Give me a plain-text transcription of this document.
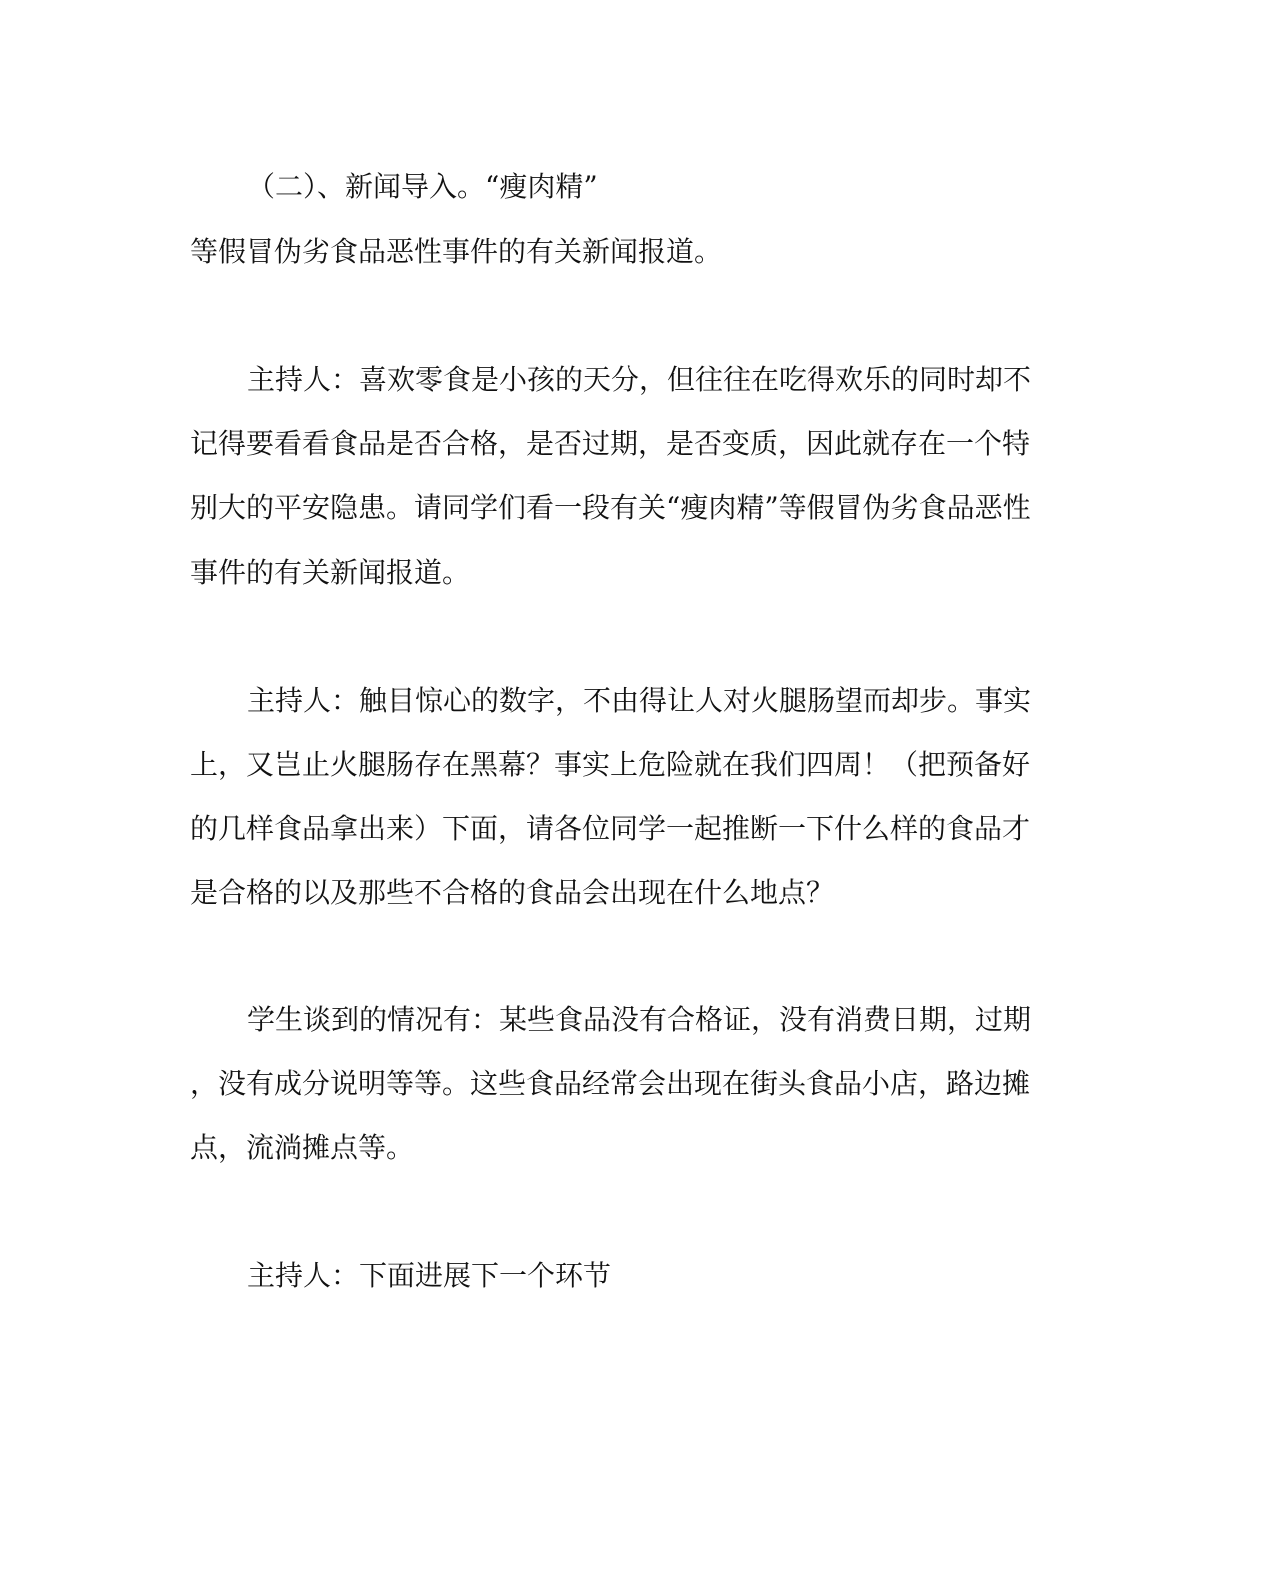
（二）、新闻导入。“瘦肉精”
等假冒伪劣食品恶性事件的有关新闻报道。
主持人：喜欢零食是小孩的天分，但往往在吃得欢乐的同时却不
记得要看看食品是否合格，是否过期，是否变质，因此就存在一个特
别大的平安隐患。请同学们看一段有关“瘦肉精”等假冒伪劣食品恶性
事件的有关新闻报道。
主持人：触目惊心的数字，不由得让人对火腿肠望而却步。事实
上，又岂止火腿肠存在黑幕？事实上危险就在我们四周！（把预备好
的几样食品拿出来）下面，请各位同学一起推断一下什么样的食品才
是合格的以及那些不合格的食品会出现在什么地点？
学生谈到的情况有：某些食品没有合格证，没有消费日期，过期
，没有成分说明等等。这些食品经常会出现在街头食品小店，路边摊
点，流淌摊点等。
主持人：下面进展下一个环节
